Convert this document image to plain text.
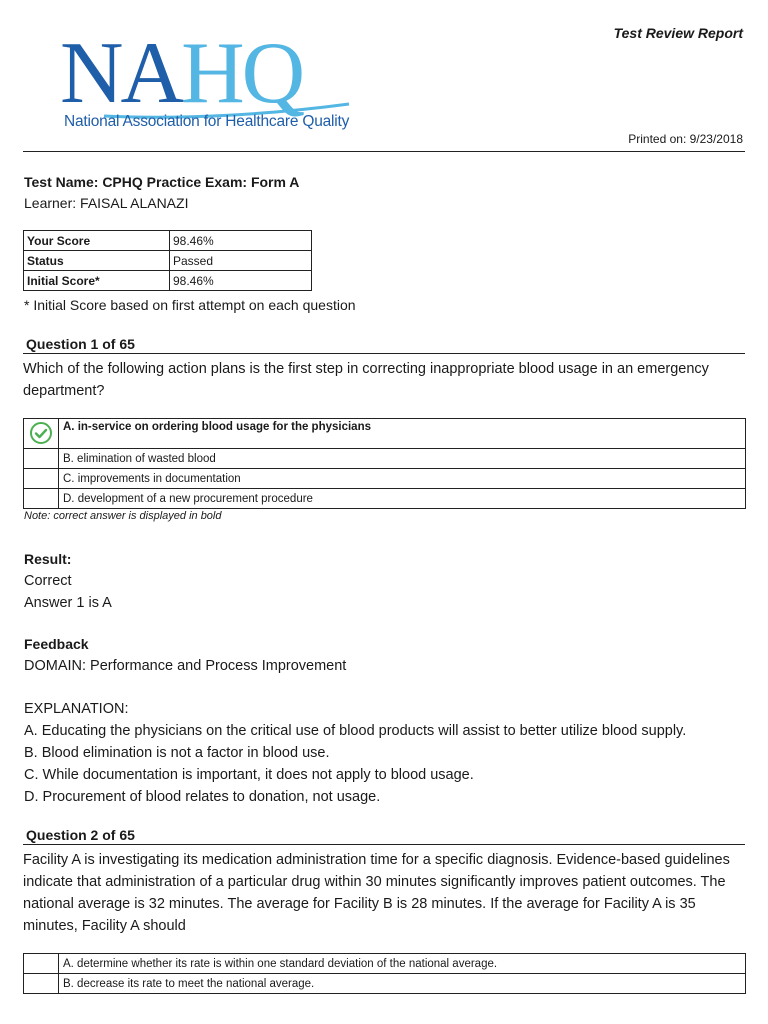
NAHQ
National Association for Healthcare Quality
Test Review Report
Printed on: 9/23/2018
Test Name: CPHQ Practice Exam: Form A
Learner: FAISAL ALANAZI
Your Score	98.46%
Status	Passed
Initial Score*	98.46%
* Initial Score based on first attempt on each question
Question 1 of 65
Which of the following action plans is the first step in correcting inappropriate blood usage in an emergency department?
	A. in-service on ordering blood usage for the physicians
	B. elimination of wasted blood
	C. improvements in documentation
	D. development of a new procurement procedure
Note: correct answer is displayed in bold
Result:
Correct
Answer 1 is A
Feedback
DOMAIN: Performance and Process Improvement
EXPLANATION:
A. Educating the physicians on the critical use of blood products will assist to better utilize blood supply.
B. Blood elimination is not a factor in blood use.
C. While documentation is important, it does not apply to blood usage.
D. Procurement of blood relates to donation, not usage.
Question 2 of 65
Facility A is investigating its medication administration time for a specific diagnosis. Evidence-based guidelines indicate that administration of a particular drug within 30 minutes significantly improves patient outcomes. The national average is 32 minutes. The average for Facility B is 28 minutes. If the average for Facility A is 35 minutes, Facility A should
	A. determine whether its rate is within one standard deviation of the national average.
	B. decrease its rate to meet the national average.
